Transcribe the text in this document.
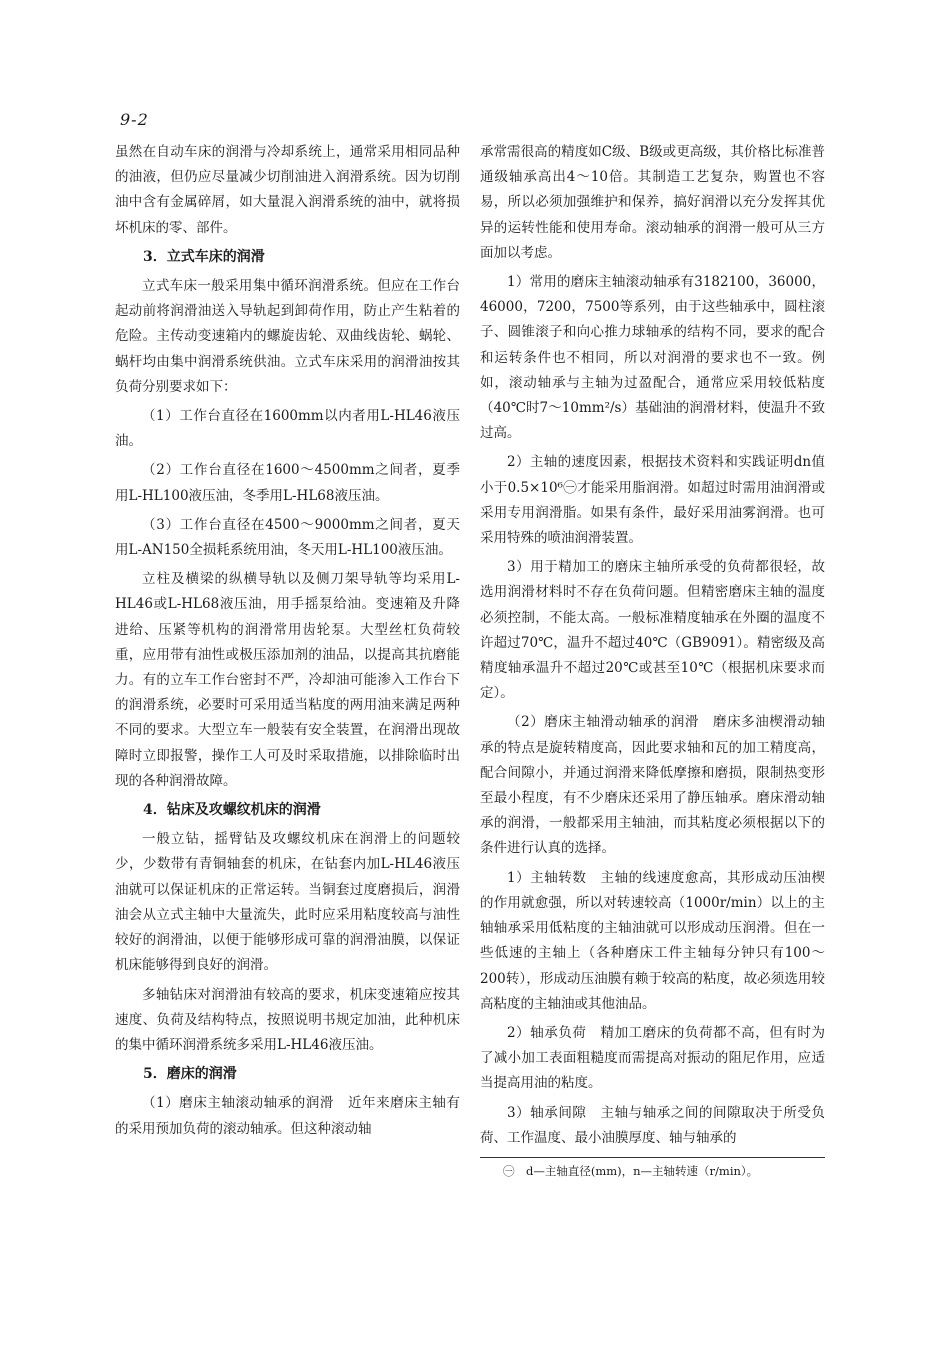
9-2

虽然在自动车床的润滑与冷却系统上，通常采用相同品种的油液，但仍应尽量减少切削油进入润滑系统。因为切削油中含有金属碎屑，如大量混入润滑系统的油中，就将损坏机床的零、部件。

3．立式车床的润滑

立式车床一般采用集中循环润滑系统。但应在工作台起动前将润滑油送入导轨起到卸荷作用，防止产生粘着的危险。主传动变速箱内的螺旋齿轮、双曲线齿轮、蜗轮、蜗杆均由集中润滑系统供油。立式车床采用的润滑油按其负荷分别要求如下：

（1）工作台直径在1600mm以内者用L-HL46液压油。

（2）工作台直径在1600～4500mm之间者，夏季用L-HL100液压油，冬季用L-HL68液压油。

（3）工作台直径在4500～9000mm之间者，夏天用L-AN150全损耗系统用油，冬天用L-HL100液压油。

立柱及横梁的纵横导轨以及侧刀架导轨等均采用L-HL46或L-HL68液压油，用手摇泵给油。变速箱及升降进给、压紧等机构的润滑常用齿轮泵。大型丝杠负荷较重，应用带有油性或极压添加剂的油品，以提高其抗磨能力。有的立车工作台密封不严，冷却油可能渗入工作台下的润滑系统，必要时可采用适当粘度的两用油来满足两种不同的要求。大型立车一般装有安全装置，在润滑出现故障时立即报警，操作工人可及时采取措施，以排除临时出现的各种润滑故障。

4．钻床及攻螺纹机床的润滑

一般立钻，摇臂钻及攻螺纹机床在润滑上的问题较少，少数带有青铜轴套的机床，在钻套内加L-HL46液压油就可以保证机床的正常运转。当铜套过度磨损后，润滑油会从立式主轴中大量流失，此时应采用粘度较高与油性较好的润滑油，以便于能够形成可靠的润滑油膜，以保证机床能够得到良好的润滑。

多轴钻床对润滑油有较高的要求，机床变速箱应按其速度、负荷及结构特点，按照说明书规定加油，此种机床的集中循环润滑系统多采用L-HL46液压油。

5．磨床的润滑

（1）磨床主轴滚动轴承的润滑　近年来磨床主轴有的采用预加负荷的滚动轴承。但这种滚动轴

承常需很高的精度如C级、B级或更高级，其价格比标准普通级轴承高出4～10倍。其制造工艺复杂，购置也不容易，所以必须加强维护和保养，搞好润滑以充分发挥其优异的运转性能和使用寿命。滚动轴承的润滑一般可从三方面加以考虑。

1）常用的磨床主轴滚动轴承有3182100，36000，46000，7200，7500等系列，由于这些轴承中，圆柱滚子、圆锥滚子和向心推力球轴承的结构不同，要求的配合和运转条件也不相同，所以对润滑的要求也不一致。例如，滚动轴承与主轴为过盈配合，通常应采用较低粘度（40℃时7～10mm²/s）基础油的润滑材料，使温升不致过高。

2）主轴的速度因素，根据技术资料和实践证明dn值小于0.5×10⁶㊀才能采用脂润滑。如超过时需用油润滑或采用专用润滑脂。如果有条件，最好采用油雾润滑。也可采用特殊的喷油润滑装置。

3）用于精加工的磨床主轴所承受的负荷都很轻，故选用润滑材料时不存在负荷问题。但精密磨床主轴的温度必须控制，不能太高。一般标准精度轴承在外圈的温度不许超过70℃，温升不超过40℃（GB9091）。精密级及高精度轴承温升不超过20℃或甚至10℃（根据机床要求而定）。

（2）磨床主轴滑动轴承的润滑　磨床多油楔滑动轴承的特点是旋转精度高，因此要求轴和瓦的加工精度高，配合间隙小，并通过润滑来降低摩擦和磨损，限制热变形至最小程度，有不少磨床还采用了静压轴承。磨床滑动轴承的润滑，一般都采用主轴油，而其粘度必须根据以下的条件进行认真的选择。

1）主轴转数　主轴的线速度愈高，其形成动压油楔的作用就愈强，所以对转速较高（1000r/min）以上的主轴轴承采用低粘度的主轴油就可以形成动压润滑。但在一些低速的主轴上（各种磨床工件主轴每分钟只有100～200转），形成动压油膜有赖于较高的粘度，故必须选用较高粘度的主轴油或其他油品。

2）轴承负荷　精加工磨床的负荷都不高，但有时为了减小加工表面粗糙度而需提高对振动的阻尼作用，应适当提高用油的粘度。

3）轴承间隙　主轴与轴承之间的间隙取决于所受负荷、工作温度、最小油膜厚度、轴与轴承的

㊀　d—主轴直径(mm)，n—主轴转速（r/min）。
